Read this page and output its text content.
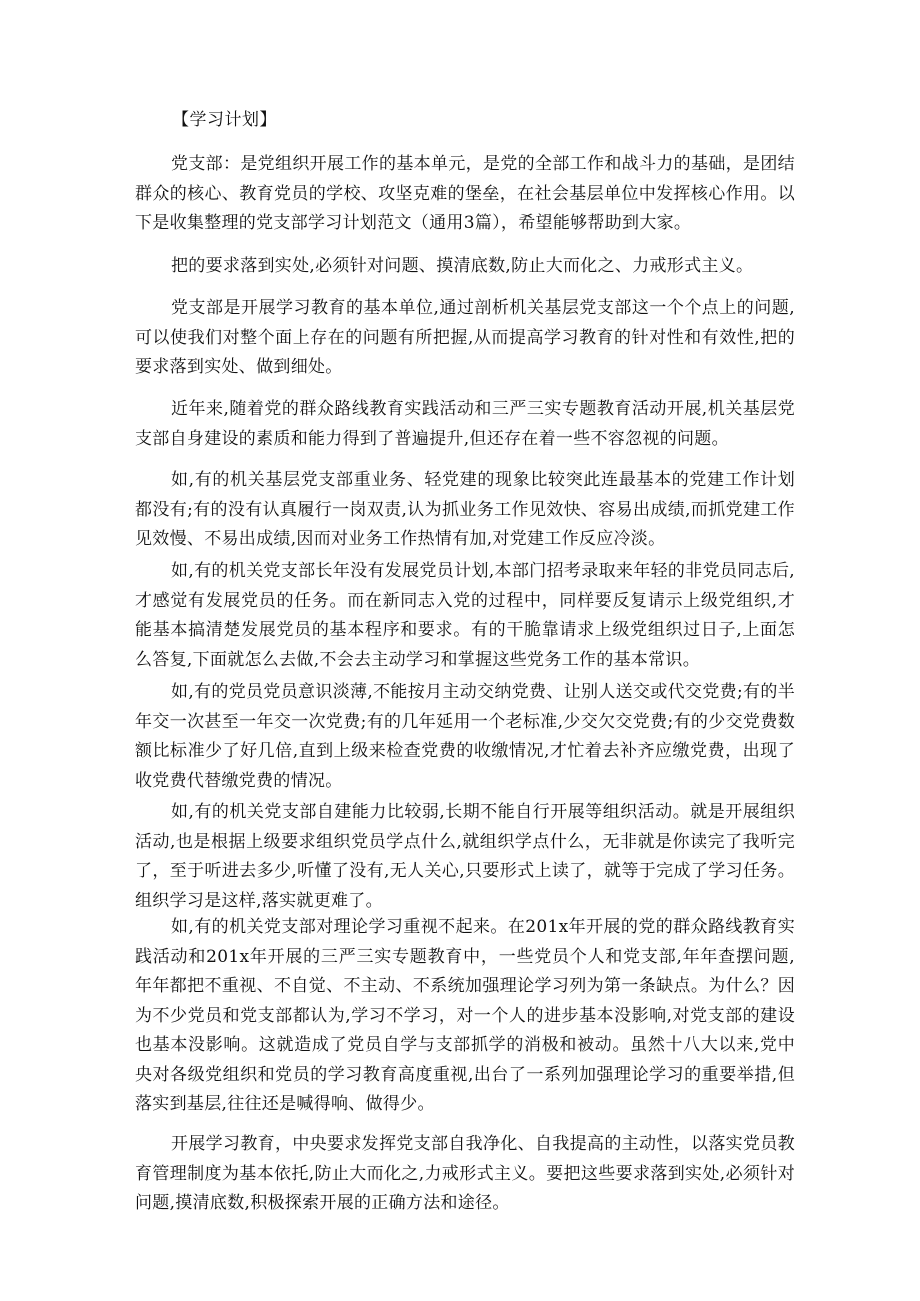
【学习计划】

党支部：是党组织开展工作的基本单元，是党的全部工作和战斗力的基础，是团结群众的核心、教育党员的学校、攻坚克难的堡垒，在社会基层单位中发挥核心作用。以下是收集整理的党支部学习计划范文（通用3篇），希望能够帮助到大家。

把的要求落到实处,必须针对问题、摸清底数,防止大而化之、力戒形式主义。

党支部是开展学习教育的基本单位,通过剖析机关基层党支部这一个个点上的问题,可以使我们对整个面上存在的问题有所把握,从而提高学习教育的针对性和有效性,把的要求落到实处、做到细处。

近年来,随着党的群众路线教育实践活动和三严三实专题教育活动开展,机关基层党支部自身建设的素质和能力得到了普遍提升,但还存在着一些不容忽视的问题。

如,有的机关基层党支部重业务、轻党建的现象比较突此连最基本的党建工作计划都没有;有的没有认真履行一岗双责,认为抓业务工作见效快、容易出成绩,而抓党建工作见效慢、不易出成绩,因而对业务工作热情有加,对党建工作反应冷淡。

如,有的机关党支部长年没有发展党员计划,本部门招考录取来年轻的非党员同志后,才感觉有发展党员的任务。而在新同志入党的过程中，同样要反复请示上级党组织,才能基本搞清楚发展党员的基本程序和要求。有的干脆靠请求上级党组织过日子,上面怎么答复,下面就怎么去做,不会去主动学习和掌握这些党务工作的基本常识。

如,有的党员党员意识淡薄,不能按月主动交纳党费、让别人送交或代交党费;有的半年交一次甚至一年交一次党费;有的几年延用一个老标准,少交欠交党费;有的少交党费数额比标准少了好几倍,直到上级来检查党费的收缴情况,才忙着去补齐应缴党费，出现了收党费代替缴党费的情况。

如,有的机关党支部自建能力比较弱,长期不能自行开展等组织活动。就是开展组织活动,也是根据上级要求组织党员学点什么,就组织学点什么，无非就是你读完了我听完了，至于听进去多少,听懂了没有,无人关心,只要形式上读了，就等于完成了学习任务。组织学习是这样,落实就更难了。

如,有的机关党支部对理论学习重视不起来。在201x年开展的党的群众路线教育实践活动和201x年开展的三严三实专题教育中，一些党员个人和党支部,年年查摆问题,年年都把不重视、不自觉、不主动、不系统加强理论学习列为第一条缺点。为什么？因为不少党员和党支部都认为,学习不学习，对一个人的进步基本没影响,对党支部的建设也基本没影响。这就造成了党员自学与支部抓学的消极和被动。虽然十八大以来,党中央对各级党组织和党员的学习教育高度重视,出台了一系列加强理论学习的重要举措,但落实到基层,往往还是喊得响、做得少。

开展学习教育，中央要求发挥党支部自我净化、自我提高的主动性，以落实党员教育管理制度为基本依托,防止大而化之,力戒形式主义。要把这些要求落到实处,必须针对问题,摸清底数,积极探索开展的正确方法和途径。
